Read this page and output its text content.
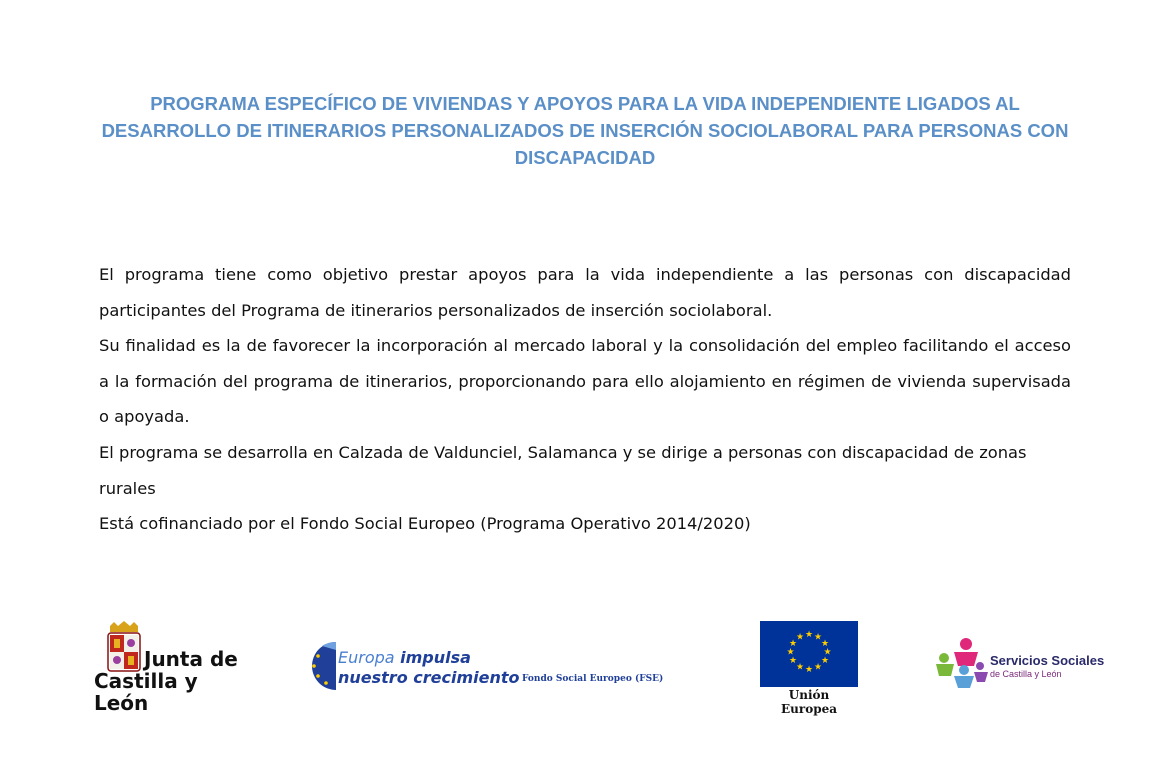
PROGRAMA ESPECÍFICO DE VIVIENDAS Y APOYOS PARA LA VIDA INDEPENDIENTE LIGADOS AL
DESARROLLO DE ITINERARIOS PERSONALIZADOS DE INSERCIÓN SOCIOLABORAL PARA PERSONAS CON
DISCAPACIDAD

El programa tiene como objetivo prestar apoyos para la vida independiente a las personas con discapacidad participantes del Programa de itinerarios personalizados de inserción sociolaboral.

Su finalidad es la de favorecer la incorporación al mercado laboral y la consolidación del empleo facilitando el acceso a la formación del programa de itinerarios, proporcionando para ello alojamiento en régimen de vivienda supervisada o apoyada.

El programa se desarrolla en Calzada de Valdunciel, Salamanca y se dirige a personas con discapacidad de zonas rurales

Está cofinanciado por el Fondo Social Europeo (Programa Operativo 2014/2020)

Junta de
Castilla y León
Europa impulsa
nuestro crecimiento Fondo Social Europeo (FSE)
★ ★
★
★
★
★
★
★
★
★
★
★
Unión Europea
Servicios Sociales
de Castilla y León
